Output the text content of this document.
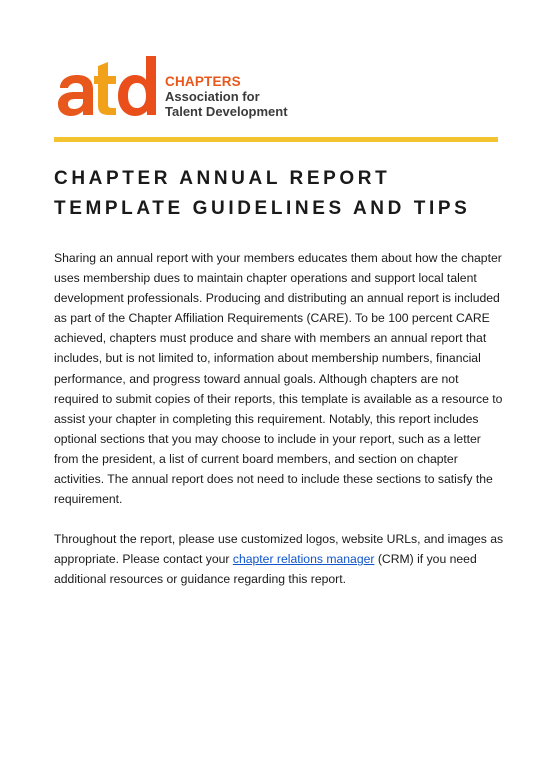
CHAPTERS
Association for
Talent Development
CHAPTER ANNUAL REPORT
TEMPLATE GUIDELINES AND TIPS

Sharing an annual report with your members educates them about how the chapter
uses membership dues to maintain chapter operations and support local talent
development professionals. Producing and distributing an annual report is included
as part of the Chapter Affiliation Requirements (CARE). To be 100 percent CARE
achieved, chapters must produce and share with members an annual report that
includes, but is not limited to, information about membership numbers, financial
performance, and progress toward annual goals. Although chapters are not
required to submit copies of their reports, this template is available as a resource to
assist your chapter in completing this requirement. Notably, this report includes
optional sections that you may choose to include in your report, such as a letter
from the president, a list of current board members, and section on chapter
activities. The annual report does not need to include these sections to satisfy the
requirement.

Throughout the report, please use customized logos, website URLs, and images as
appropriate. Please contact your chapter relations manager (CRM) if you need
additional resources or guidance regarding this report.
